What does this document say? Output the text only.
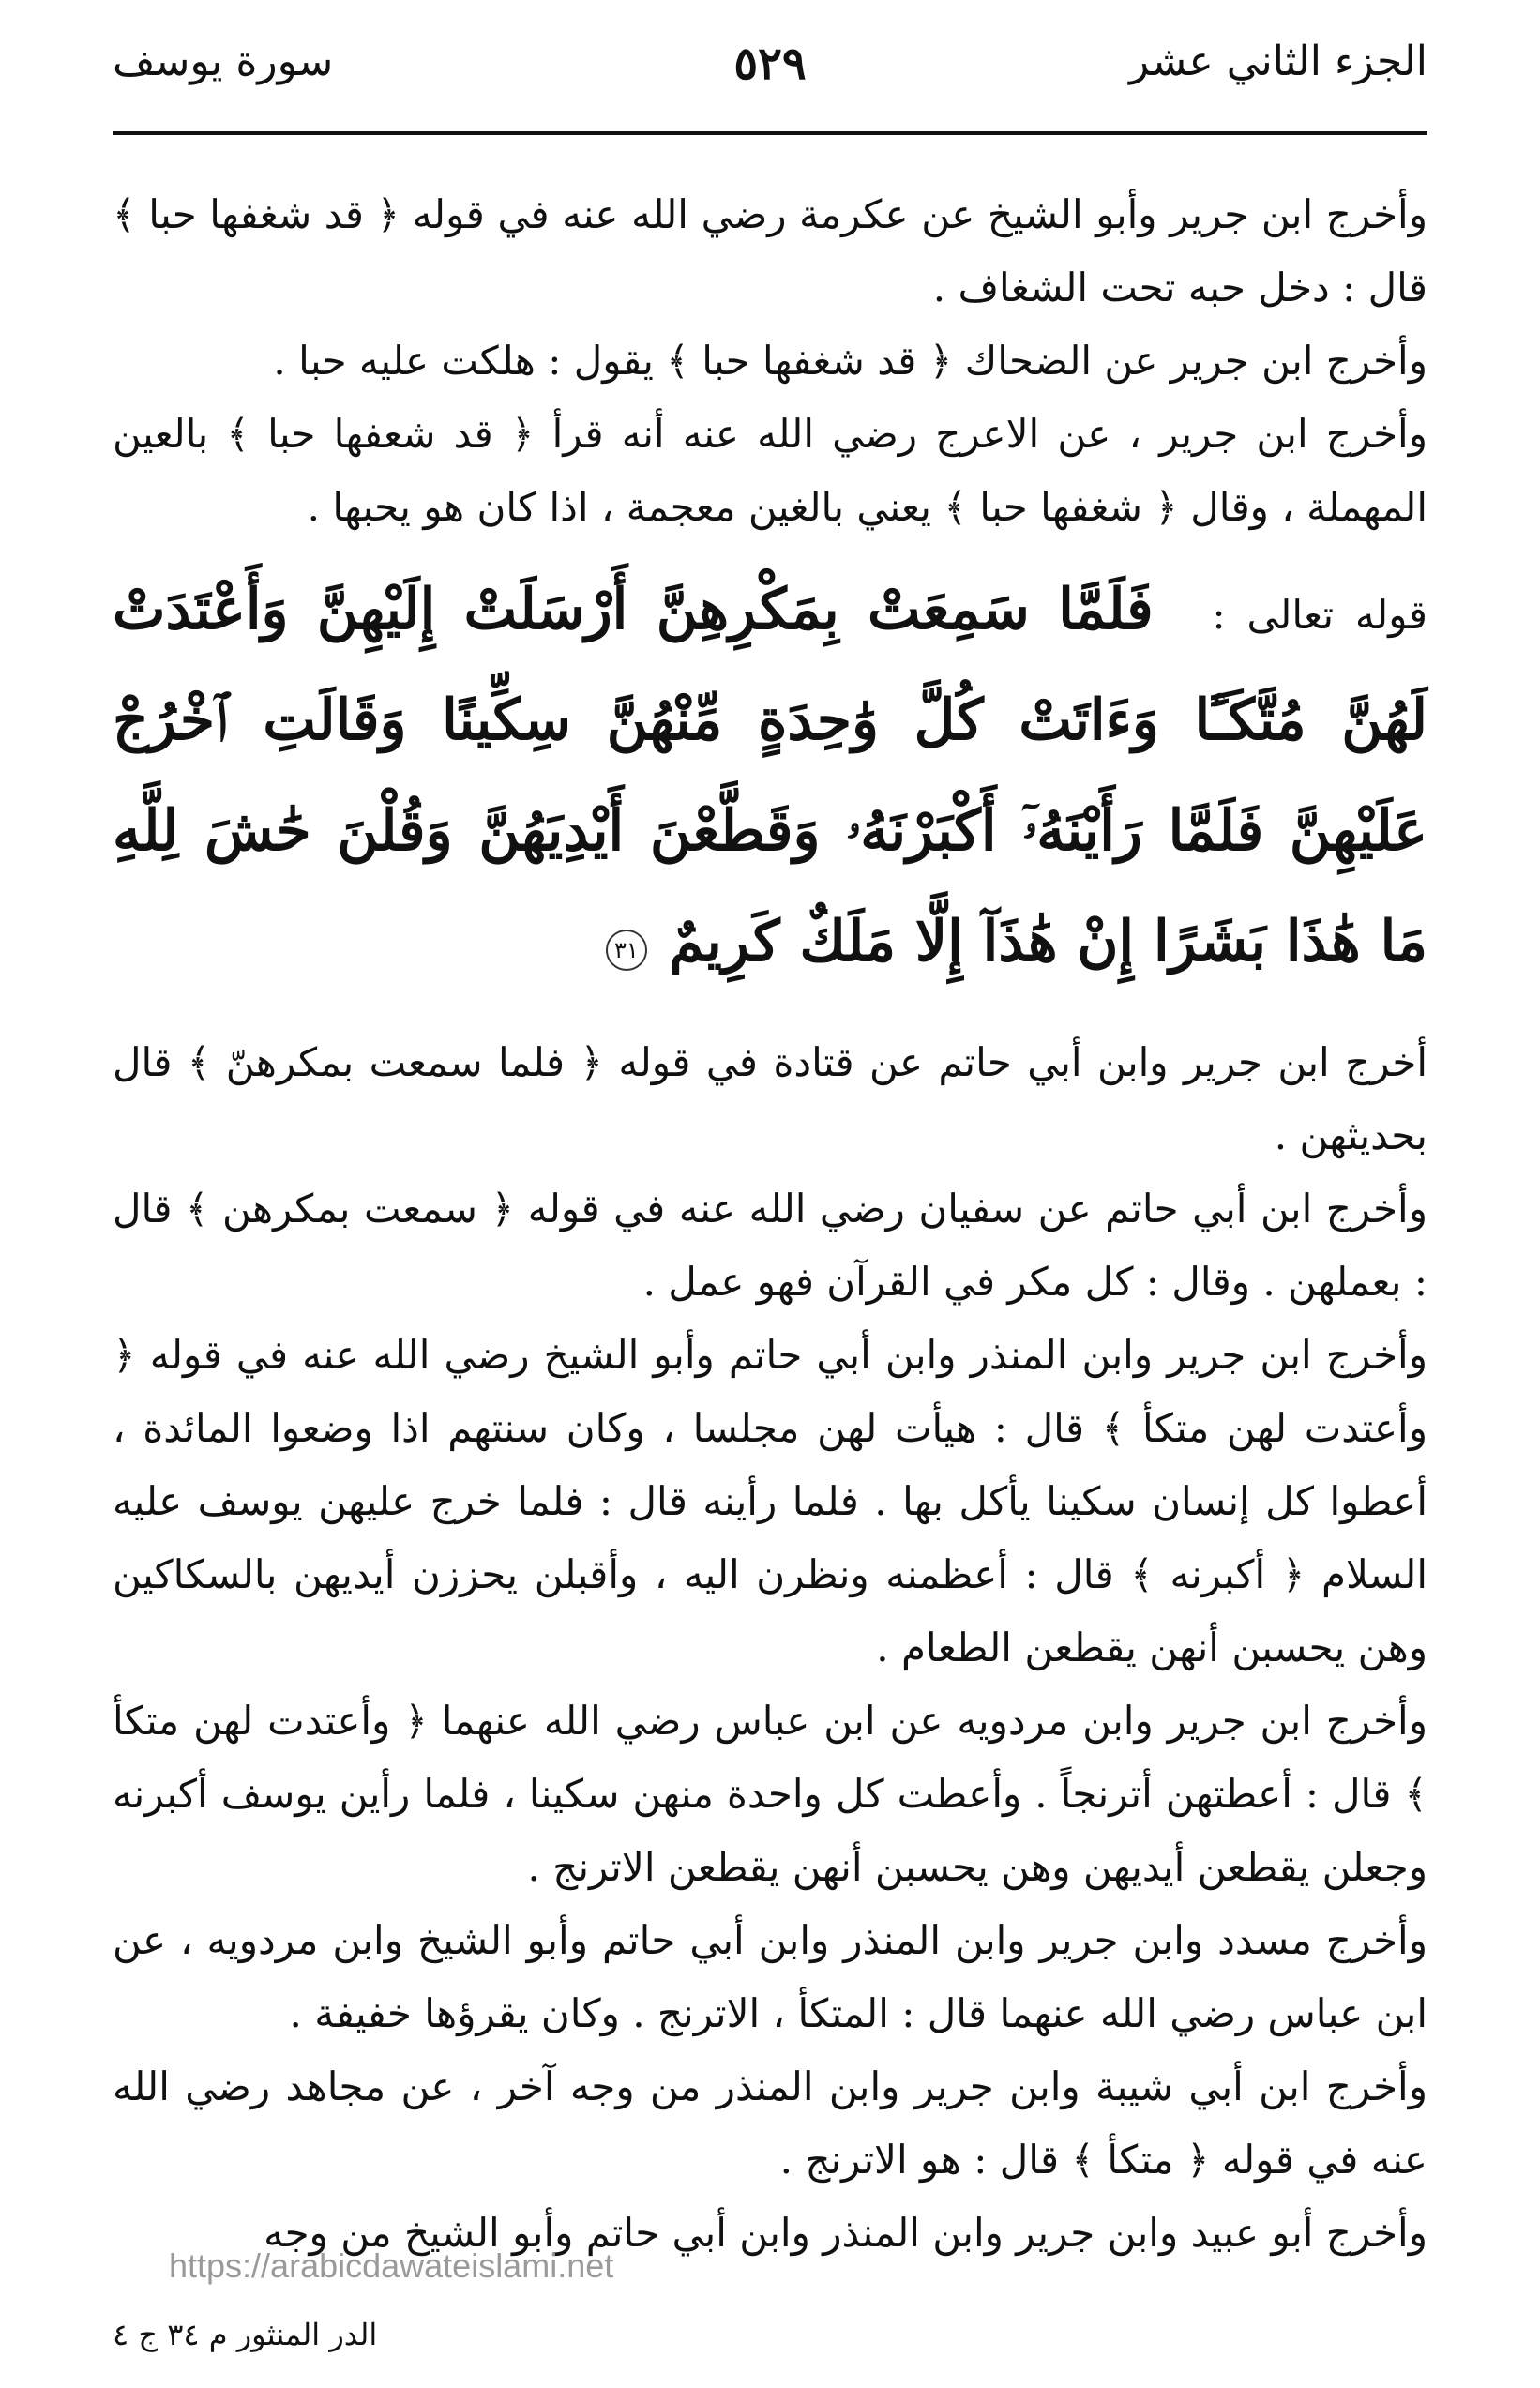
الجزء الثاني عشر
٥٢٩
سورة يوسف

وأخرج ابن جرير وأبو الشيخ عن عكرمة رضي الله عنه في قوله ﴿ قد شغفها حبا ﴾ قال : دخل حبه تحت الشغاف .

وأخرج ابن جرير عن الضحاك ﴿ قد شغفها حبا ﴾ يقول : هلكت عليه حبا .

وأخرج ابن جرير ، عن الاعرج رضي الله عنه أنه قرأ ﴿ قد شعفها حبا ﴾ بالعين المهملة ، وقال ﴿ شغفها حبا ﴾ يعني بالغين معجمة ، اذا كان هو يحبها .

قوله تعالى : فَلَمَّا سَمِعَتْ بِمَكْرِهِنَّ أَرْسَلَتْ إِلَيْهِنَّ وَأَعْتَدَتْ لَهُنَّ مُتَّكَـًٔا وَءَاتَتْ كُلَّ وَٰحِدَةٍ مِّنْهُنَّ سِكِّينًا وَقَالَتِ ٱخْرُجْ عَلَيْهِنَّ فَلَمَّا رَأَيْنَهُۥٓ أَكْبَرْنَهُۥ وَقَطَّعْنَ أَيْدِيَهُنَّ وَقُلْنَ حَٰشَ لِلَّهِ مَا هَٰذَا بَشَرًا إِنْ هَٰذَآ إِلَّا مَلَكٌ كَرِيمٌ ٣١

أخرج ابن جرير وابن أبي حاتم عن قتادة في قوله ﴿ فلما سمعت بمكرهنّ ﴾ قال بحديثهن .

وأخرج ابن أبي حاتم عن سفيان رضي الله عنه في قوله ﴿ سمعت بمكرهن ﴾ قال : بعملهن . وقال : كل مكر في القرآن فهو عمل .

وأخرج ابن جرير وابن المنذر وابن أبي حاتم وأبو الشيخ رضي الله عنه في قوله ﴿ وأعتدت لهن متكأ ﴾ قال : هيأت لهن مجلسا ، وكان سنتهم اذا وضعوا المائدة ، أعطوا كل إنسان سكينا يأكل بها . فلما رأينه قال : فلما خرج عليهن يوسف عليه السلام ﴿ أكبرنه ﴾ قال : أعظمنه ونظرن اليه ، وأقبلن يحززن أيديهن بالسكاكين وهن يحسبن أنهن يقطعن الطعام .

وأخرج ابن جرير وابن مردويه عن ابن عباس رضي الله عنهما ﴿ وأعتدت لهن متكأ ﴾ قال : أعطتهن أترنجاً . وأعطت كل واحدة منهن سكينا ، فلما رأين يوسف أكبرنه وجعلن يقطعن أيديهن وهن يحسبن أنهن يقطعن الاترنج .

وأخرج مسدد وابن جرير وابن المنذر وابن أبي حاتم وأبو الشيخ وابن مردويه ، عن ابن عباس رضي الله عنهما قال : المتكأ ، الاترنج . وكان يقرؤها خفيفة .

وأخرج ابن أبي شيبة وابن جرير وابن المنذر من وجه آخر ، عن مجاهد رضي الله عنه في قوله ﴿ متكأ ﴾ قال : هو الاترنج .

وأخرج أبو عبيد وابن جرير وابن المنذر وابن أبي حاتم وأبو الشيخ من وجه

https://arabicdawateislami.net
الدر المنثور م ٣٤ ج ٤
